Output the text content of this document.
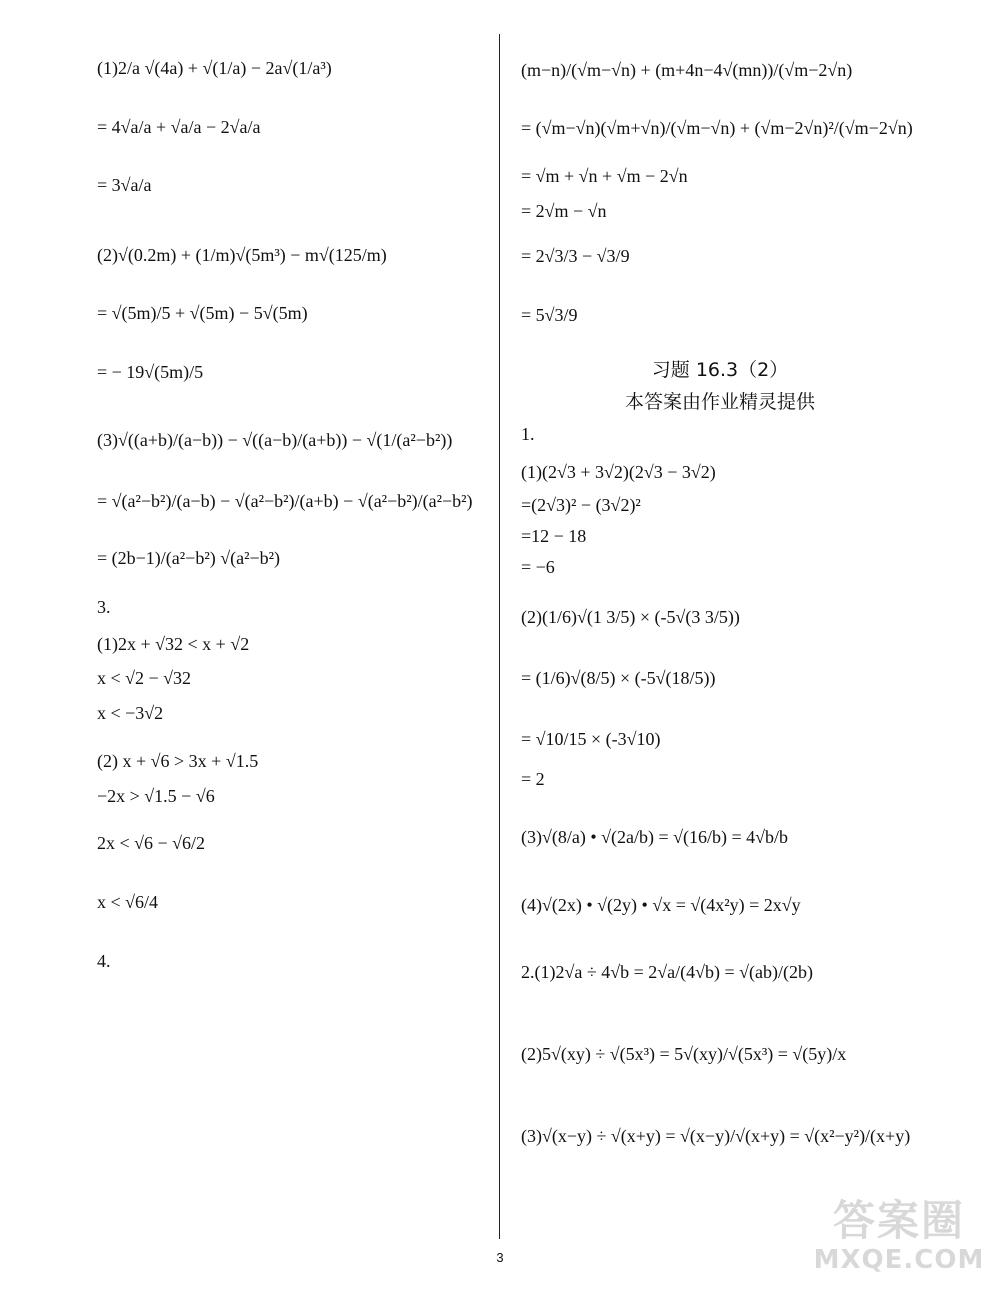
(1)2/a √(4a) + √(1/a) − 2a√(1/a³)
= 4√a/a + √a/a − 2√a/a
= 3√a/a
(2)√(0.2m) + (1/m)√(5m³) − m√(125/m)
= √(5m)/5 + √(5m) − 5√(5m)
= − 19√(5m)/5
(3)√((a+b)/(a−b)) − √((a−b)/(a+b)) − √(1/(a²−b²))
= √(a²−b²)/(a−b) − √(a²−b²)/(a+b) − √(a²−b²)/(a²−b²)
= (2b−1)/(a²−b²) √(a²−b²)
3.
(1)2x + √32 < x + √2
x < √2 − √32
x < −3√2
(2) x + √6 > 3x + √1.5
−2x > √1.5 − √6
2x < √6 − √6/2
x < √6/4
4.
(m−n)/(√m−√n) + (m+4n−4√(mn))/(√m−2√n)
= (√m−√n)(√m+√n)/(√m−√n) + (√m−2√n)²/(√m−2√n)
= √m + √n + √m − 2√n
= 2√m − √n
= 2√3/3 − √3/9
= 5√3/9
习题 16.3（2）
本答案由作业精灵提供
1.
(1)(2√3 + 3√2)(2√3 − 3√2)
=(2√3)² − (3√2)²
=12 − 18
= −6
(2)(1/6)√(1 3/5) × (-5√(3 3/5))
= (1/6)√(8/5) × (-5√(18/5))
= √10/15 × (-3√10)
= 2
(3)√(8/a) • √(2a/b) = √(16/b) = 4√b/b
(4)√(2x) • √(2y) • √x = √(4x²y) = 2x√y
2.(1)2√a ÷ 4√b = 2√a/(4√b) = √(ab)/(2b)
(2)5√(xy) ÷ √(5x³) = 5√(xy)/√(5x³) = √(5y)/x
(3)√(x−y) ÷ √(x+y) = √(x−y)/√(x+y) = √(x²−y²)/(x+y)
3
答案圈
MXQE.COM
